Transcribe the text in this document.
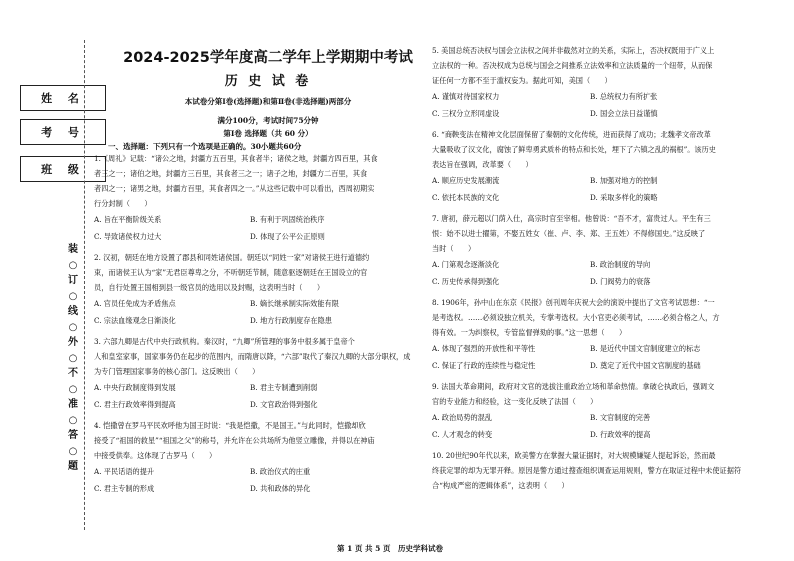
姓 名
考 号
班 级
装
○
订
○
线
○
外
○
不
○
准
○
答
○
题
2024-2025学年度高二学年上学期期中考试
历 史 试 卷
本试卷分第Ⅰ卷(选择题)和第Ⅱ卷(非选择题)两部分
满分100分，考试时间75分钟
第Ⅰ卷 选择题（共 60 分）
一、选择题：下列只有一个选项是正确的。30小题共60分
1.《周礼》记载：“诸公之地，封疆方五百里，其食者半；诸侯之地，封疆方四百里，其食
者三之一；诸伯之地，封疆方三百里，其食者三之一；诸子之地，封疆方二百里，其食
者四之一；诸男之地，封疆方百里，其食者四之一。”从这些记载中可以看出，西周初期实
行分封制（　　）
A. 旨在平衡阶级关系	B. 有利于巩固统治秩序
C. 导致诸侯权力过大	D. 体现了公平公正原则
2. 汉初，朝廷在地方设置了郡县和同姓诸侯国。朝廷以“同姓一家”对诸侯王进行道德约
束，而诸侯王认为“家”无君臣尊卑之分，不听朝廷节制，随意驱逐朝廷在王国设立的官
员，自行处置王国相到县一级官员的选用以及封赐，这表明当时（　　）
A. 官员任免成为矛盾焦点	B. 嫡长继承制实际效能有限
C. 宗法血缘观念日渐淡化	D. 地方行政制度存在隐患
3. 六部九卿是古代中央行政机构。秦汉时，“九卿”所管理的事务中很多属于皇帝个
人和皇室家事，国家事务仍在起步的范围内，而隋唐以降，“六部”取代了秦汉九卿的大部分职权，成
为专门管理国家事务的核心部门。这反映出（　　）
A. 中央行政制度得到发展	B. 君主专制遭到削弱
C. 君主行政效率得到提高	D. 文官政治得到强化
4. 恺撒曾在罗马平民欢呼他为国王时说：“我是恺撒，不是国王。”与此同时，恺撒却欣
接受了“祖国的救星”“祖国之父”的称号，并允许在公共场所为他竖立雕像，并得以在神庙
中接受供奉。这体现了古罗马（　　）
A. 平民话语的提升	B. 政治仪式的庄重
C. 君主专制的形成	D. 共和政体的异化
5. 美国总统否决权与国会立法权之间并非截然对立的关系，实际上，否决权既用于广义上
立法权的一种。否决权成为总统与国会之间推系立法效率和立法质量的一个纽带，从而保
证任何一方都不至于滥权妄为。据此可知，美国（　　）
A. 谨慎对待国家权力	B. 总统权力有所扩张
C. 三权分立形同虚设	D. 国会立法日益谨慎
6. “商鞅变法在精神文化层面保留了秦朝的文化传统，进而获得了成功；北魏孝文帝改革
大量吸收了汉文化，腐蚀了鲜卑勇武质朴的特点和长处，埋下了六镇之乱的祸根”。该历史
表达旨在强调，改革要（　　）
A. 顺应历史发展潮流	B. 加强对地方的控制
C. 依托本民族的文化	D. 采取多样化的策略
7. 唐初，薛元超以门荫入仕，高宗时官至宰相。他曾说：“吾不才，富贵过人。平生有三
恨：始不以进士擢第，不娶五姓女（崔、卢、李、郑、王五姓）不得修国史。”这反映了
当时（　　）
A. 门第观念逐渐淡化	B. 政治制度的导向
C. 历史传承得到强化	D. 门阀势力的衰落
8. 1906年，孙中山在东京《民报》创刊周年庆祝大会的演说中提出了文官考试思想：“一
是考选权。……必须设独立机关，专掌考选权。大小官吏必须考试，……必须合格之人，方
得有效。一为纠察权，专管监督弹劾的事。”这一思想（　　）
A. 体现了强烈的开放性和平等性	B. 是近代中国文官制度建立的标志
C. 保证了行政的连续性与稳定性	D. 奠定了近代中国文官制度的基础
9. 法国大革命期间，政府对文官的选拔注重政治立场和革命热情。拿破仑执政后，强调文
官的专业能力和经验，这一变化反映了法国（　　）
A. 政治局势的混乱	B. 文官制度的完善
C. 人才观念的转变	D. 行政效率的提高
10. 20世纪90年代以来，欧美警方在掌握大量证据时，对大规模嫌疑人提起诉讼，然而最
终获定罪的却为无罪开释。原因是警方通过搜查组织调查运用规则，警方在取证过程中未使证据符
合“构成严密的逻辑体系”，这表明（　　）
第 1 页 共 5 页　历史学科试卷
